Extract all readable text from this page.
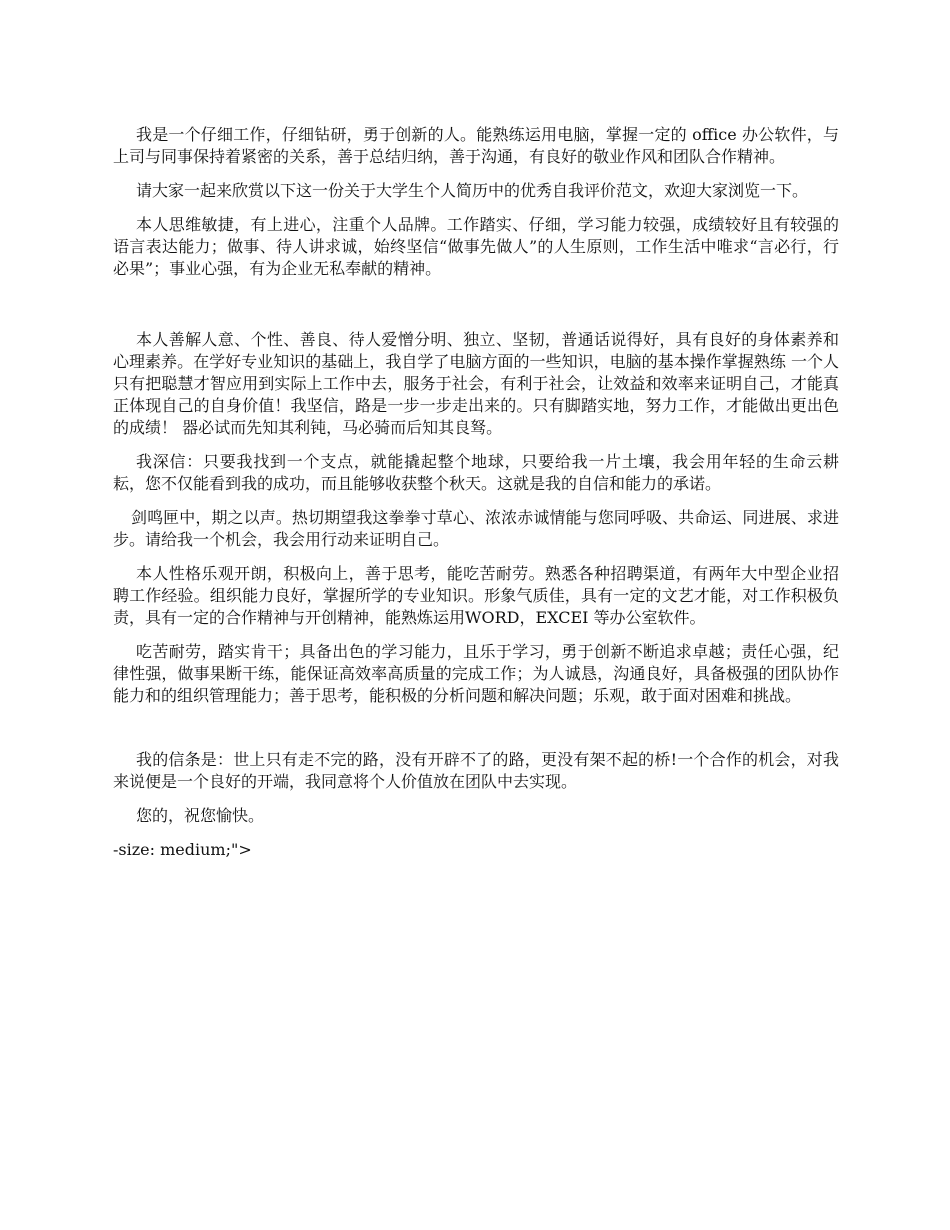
我是一个仔细工作，仔细钻研，勇于创新的人。能熟练运用电脑，掌握一定的 office 办公软件，与上司与同事保持着紧密的关系，善于总结归纳，善于沟通，有良好的敬业作风和团队合作精神。

请大家一起来欣赏以下这一份关于大学生个人简历中的优秀自我评价范文，欢迎大家浏览一下。

本人思维敏捷，有上进心，注重个人品牌。工作踏实、仔细，学习能力较强，成绩较好且有较强的语言表达能力；做事、待人讲求诚，始终坚信“做事先做人”的人生原则，工作生活中唯求“言必行，行必果”；事业心强，有为企业无私奉献的精神。

本人善解人意、个性、善良、待人爱憎分明、独立、坚韧，普通话说得好，具有良好的身体素养和心理素养。在学好专业知识的基础上，我自学了电脑方面的一些知识，电脑的基本操作掌握熟练 一个人只有把聪慧才智应用到实际上工作中去，服务于社会，有利于社会，让效益和效率来证明自己，才能真正体现自己的自身价值！我坚信，路是一步一步走出来的。只有脚踏实地，努力工作，才能做出更出色的成绩！ 器必试而先知其利钝，马必骑而后知其良驽。

我深信：只要我找到一个支点，就能撬起整个地球，只要给我一片土壤，我会用年轻的生命云耕耘，您不仅能看到我的成功，而且能够收获整个秋天。这就是我的自信和能力的承诺。

剑鸣匣中，期之以声。热切期望我这拳拳寸草心、浓浓赤诚情能与您同呼吸、共命运、同进展、求进步。请给我一个机会，我会用行动来证明自己。

本人性格乐观开朗，积极向上，善于思考，能吃苦耐劳。熟悉各种招聘渠道，有两年大中型企业招聘工作经验。组织能力良好，掌握所学的专业知识。形象气质佳，具有一定的文艺才能，对工作积极负责，具有一定的合作精神与开创精神，能熟炼运用WORD，EXCEI 等办公室软件。

吃苦耐劳，踏实肯干；具备出色的学习能力，且乐于学习，勇于创新不断追求卓越；责任心强，纪律性强，做事果断干练，能保证高效率高质量的完成工作；为人诚恳，沟通良好，具备极强的团队协作能力和的组织管理能力；善于思考，能积极的分析问题和解决问题；乐观，敢于面对困难和挑战。

我的信条是：世上只有走不完的路，没有开辟不了的路，更没有架不起的桥!一个合作的机会，对我来说便是一个良好的开端，我同意将个人价值放在团队中去实现。

您的，祝您愉快。

-size: medium;">
